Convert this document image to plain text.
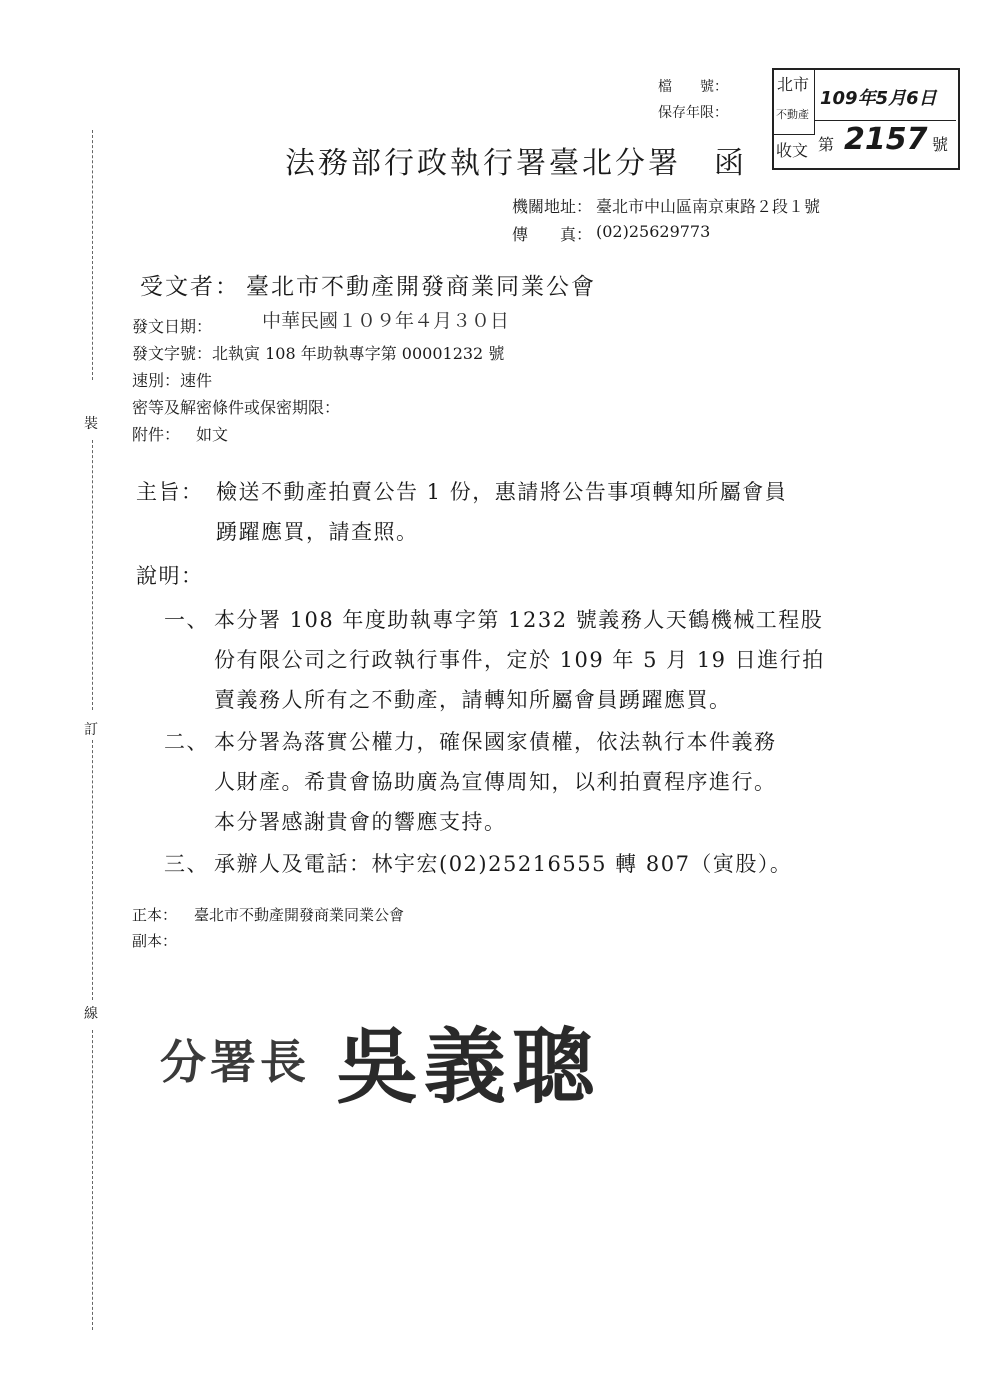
裝
訂
線
檔　　號：
保存年限：
北市
不動產
收文
109年5月6日
第 2157 號
法務部行政執行署臺北分署　函
機關地址： 臺北市中山區南京東路２段１號
傳　　真： (02)25629773
受文者： 臺北市不動產開發商業同業公會
發文日期：	中華民國１０９年４月３０日
發文字號： 北執寅 108 年助執專字第 00001232 號
速別： 速件
密等及解密條件或保密期限：
附件： 如文
主旨： 檢送不動產拍賣公告 1 份，惠請將公告事項轉知所屬會員
踴躍應買，請查照。
說明：
一、 本分署 108 年度助執專字第 1232 號義務人天鶴機械工程股
份有限公司之行政執行事件，定於 109 年 5 月 19 日進行拍
賣義務人所有之不動產，請轉知所屬會員踴躍應買。
二、 本分署為落實公權力，確保國家債權，依法執行本件義務
人財產。希貴會協助廣為宣傳周知，以利拍賣程序進行。
本分署感謝貴會的響應支持。
三、 承辦人及電話：林宇宏(02)25216555 轉 807（寅股）。
正本： 臺北市不動產開發商業同業公會
副本：
分署長 吳義聰
